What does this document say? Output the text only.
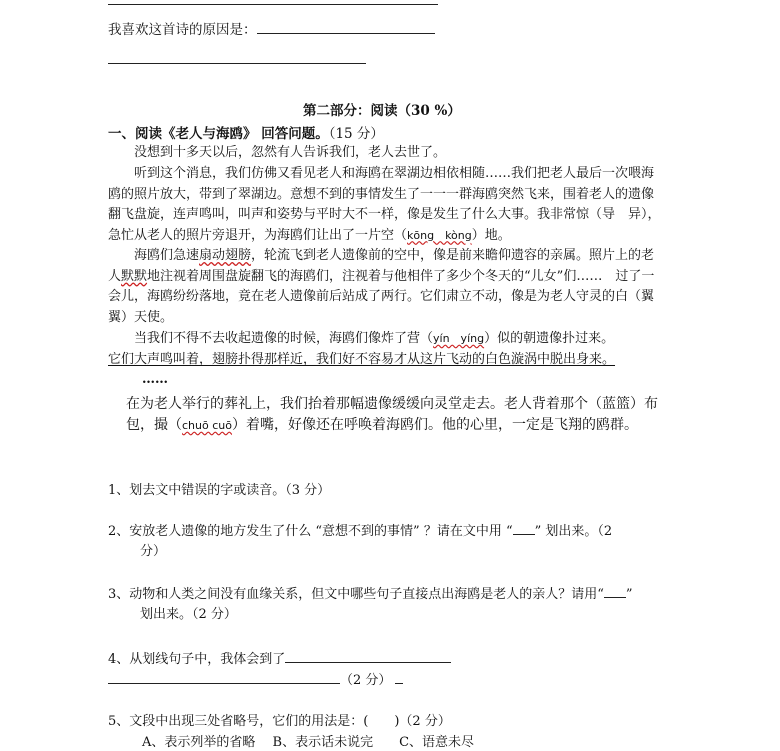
我喜欢这首诗的原因是：
第二部分：阅读（30 %）
一、阅读《老人与海鸥》 回答问题。（15 分）
没想到十多天以后，忽然有人告诉我们，老人去世了。
听到这个消息，我们仿佛又看见老人和海鸥在翠湖边相依相随……我们把老人最后一次喂海鸥的照片放大，带到了翠湖边。意想不到的事情发生了一一一群海鸥突然飞来，围着老人的遗像翻飞盘旋，连声鸣叫，叫声和姿势与平时大不一样，像是发生了什么大事。我非常惊（导　异），急忙从老人的照片旁退开，为海鸥们让出了一片空（kōng　kòng）地。
海鸥们急速扇动翅膀，轮流飞到老人遗像前的空中，像是前来瞻仰遗容的亲属。照片上的老人默默地注视着周围盘旋翻飞的海鸥们，注视着与他相伴了多少个冬天的“儿女”们……　过了一会儿，海鸥纷纷落地，竟在老人遗像前后站成了两行。它们肃立不动，像是为老人守灵的白（翼 翼）天使。
当我们不得不去收起遗像的时候，海鸥们像炸了营（yín　yíng）似的朝遗像扑过来。
它们大声鸣叫着，翅膀扑得那样近，我们好不容易才从这片飞动的白色漩涡中脱出身来。
……
在为老人举行的葬礼上，我们抬着那幅遗像缓缓向灵堂走去。老人背着那个（蓝篮）布包，撮（chuō cuō）着嘴，好像还在呼唤着海鸥们。他的心里，一定是飞翔的鸥群。
1、划去文中错误的字或读音。（3 分）
2、安放老人遗像的地方发生了什么 “意想不到的事情” ？请在文中用 “ ” 划出来。（2
分）
3、动物和人类之间没有血缘关系，但文中哪些句子直接点出海鸥是老人的亲人？请用“ ”
划出来。（2 分）
4、从划线句子中，我体会到了
（2 分）
5、文段中出现三处省略号，它们的用法是：(　　)（2 分）
A、表示列举的省略　 B、表示话未说完　　C、语意未尽
